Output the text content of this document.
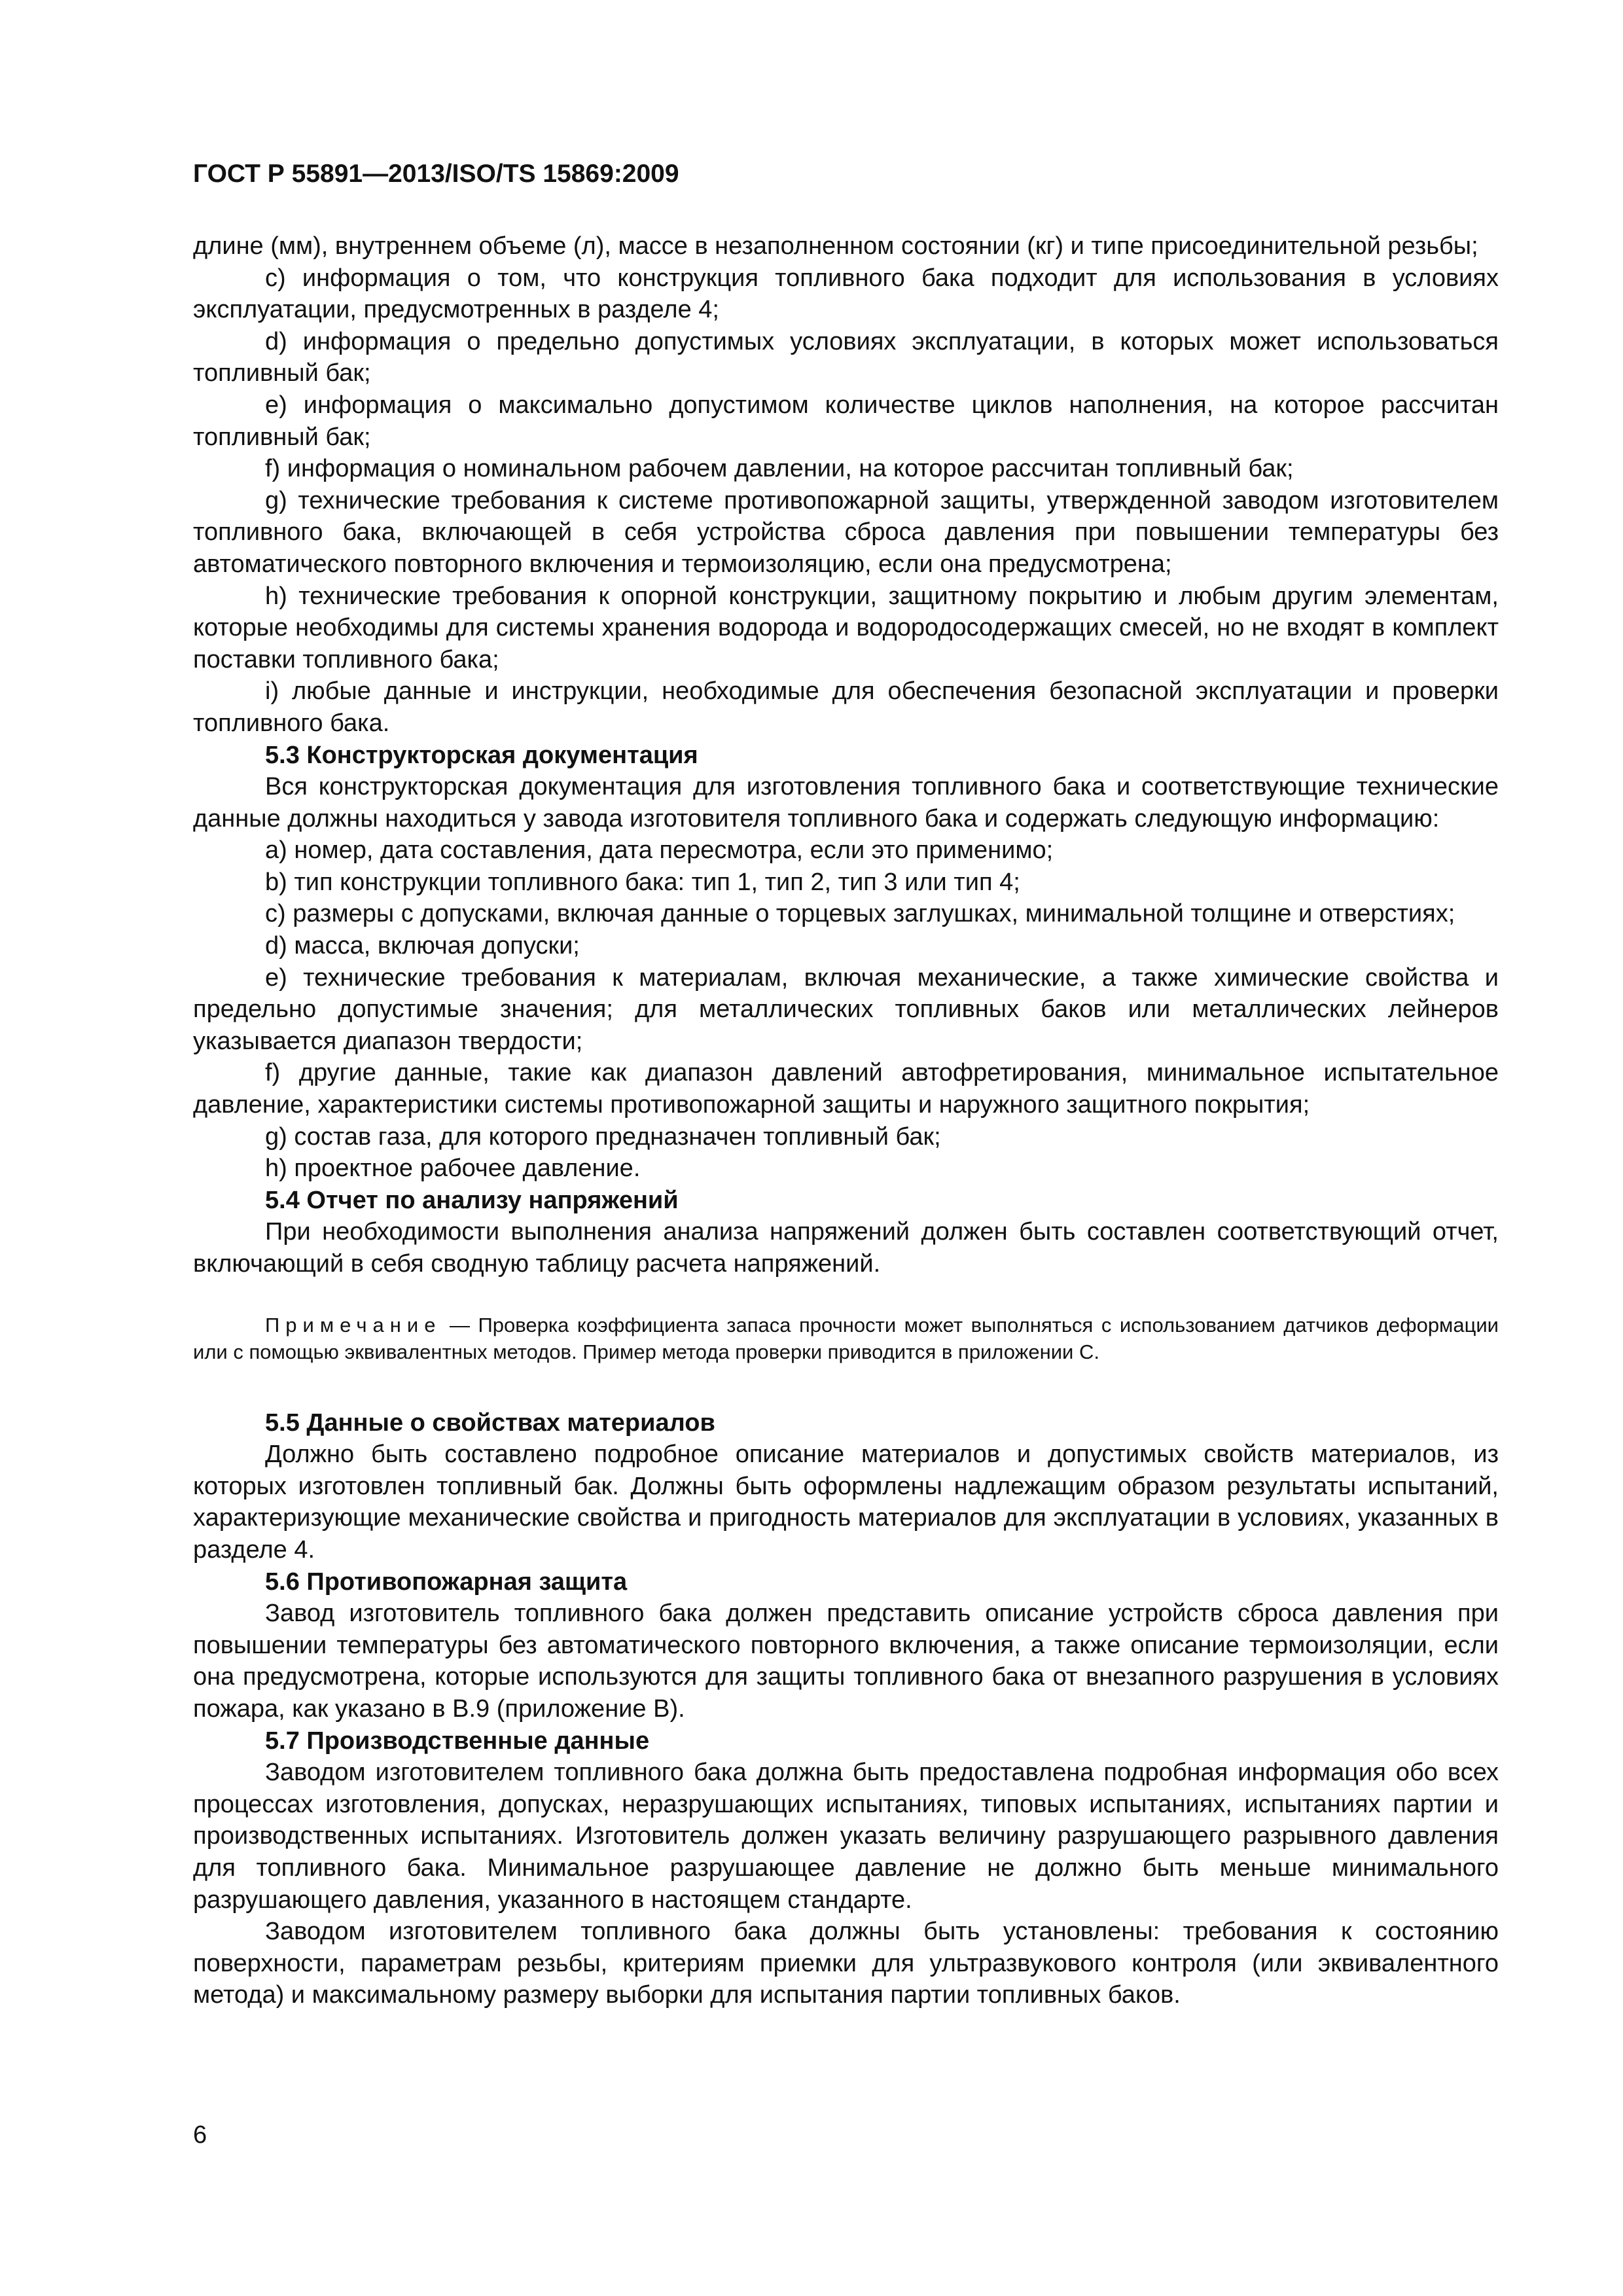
ГОСТ Р 55891—2013/ISO/TS 15869:2009

длине (мм), внутреннем объеме (л), массе в незаполненном состоянии (кг) и типе присоединительной резьбы;

c) информация о том, что конструкция топливного бака подходит для использования в условиях эксплуатации, предусмотренных в разделе 4;

d) информация о предельно допустимых условиях эксплуатации, в которых может использоваться топливный бак;

e) информация о максимально допустимом количестве циклов наполнения, на которое рассчитан топливный бак;

f) информация о номинальном рабочем давлении, на которое рассчитан топливный бак;

g) технические требования к системе противопожарной защиты, утвержденной заводом изготовителем топливного бака, включающей в себя устройства сброса давления при повышении температуры без автоматического повторного включения и термоизоляцию, если она предусмотрена;

h) технические требования к опорной конструкции, защитному покрытию и любым другим элементам, которые необходимы для системы хранения водорода и водородосодержащих смесей, но не входят в комплект поставки топливного бака;

i) любые данные и инструкции, необходимые для обеспечения безопасной эксплуатации и проверки топливного бака.

5.3 Конструкторская документация

Вся конструкторская документация для изготовления топливного бака и соответствующие технические данные должны находиться у завода изготовителя топливного бака и содержать следующую информацию:

a) номер, дата составления, дата пересмотра, если это применимо;

b) тип конструкции топливного бака: тип 1, тип 2, тип 3 или тип 4;

c) размеры с допусками, включая данные о торцевых заглушках, минимальной толщине и отверстиях;

d) масса, включая допуски;

e) технические требования к материалам, включая механические, а также химические свойства и предельно допустимые значения; для металлических топливных баков или металлических лейнеров указывается диапазон твердости;

f) другие данные, такие как диапазон давлений автофретирования, минимальное испытательное давление, характеристики системы противопожарной защиты и наружного защитного покрытия;

g) состав газа, для которого предназначен топливный бак;

h) проектное рабочее давление.

5.4 Отчет по анализу напряжений

При необходимости выполнения анализа напряжений должен быть составлен соответствующий отчет, включающий в себя сводную таблицу расчета напряжений.

Примечание — Проверка коэффициента запаса прочности может выполняться с использованием датчиков деформации или с помощью эквивалентных методов. Пример метода проверки приводится в приложении С.

5.5 Данные о свойствах материалов

Должно быть составлено подробное описание материалов и допустимых свойств материалов, из которых изготовлен топливный бак. Должны быть оформлены надлежащим образом результаты испытаний, характеризующие механические свойства и пригодность материалов для эксплуатации в условиях, указанных в разделе 4.

5.6 Противопожарная защита

Завод изготовитель топливного бака должен представить описание устройств сброса давления при повышении температуры без автоматического повторного включения, а также описание термоизоляции, если она предусмотрена, которые используются для защиты топливного бака от внезапного разрушения в условиях пожара, как указано в В.9 (приложение В).

5.7 Производственные данные

Заводом изготовителем топливного бака должна быть предоставлена подробная информация обо всех процессах изготовления, допусках, неразрушающих испытаниях, типовых испытаниях, испытаниях партии и производственных испытаниях. Изготовитель должен указать величину разрушающего разрывного давления для топливного бака. Минимальное разрушающее давление не должно быть меньше минимального разрушающего давления, указанного в настоящем стандарте.

Заводом изготовителем топливного бака должны быть установлены: требования к состоянию поверхности, параметрам резьбы, критериям приемки для ультразвукового контроля (или эквивалентного метода) и максимальному размеру выборки для испытания партии топливных баков.

6
